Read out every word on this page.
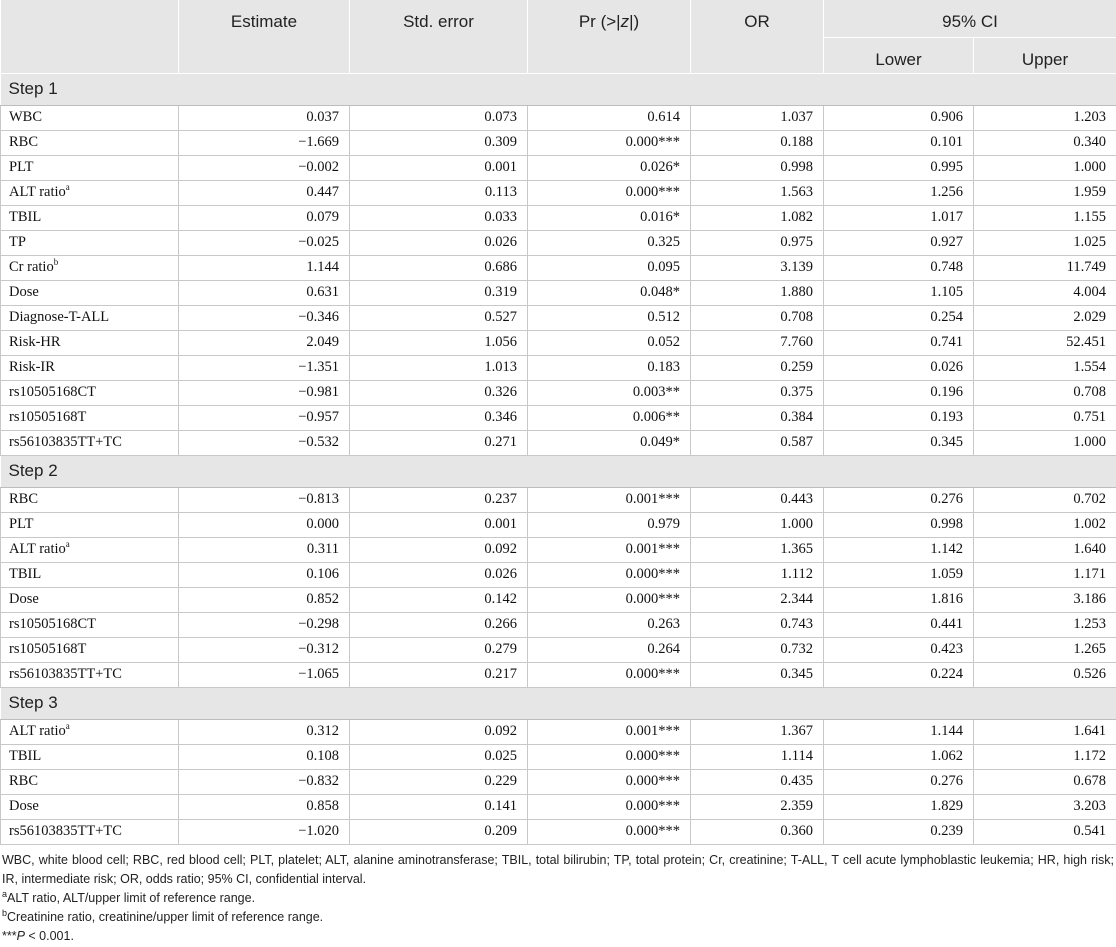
	Estimate	Std. error	Pr (>|z|)	OR	95% CI	
					Lower	Upper
Step 1						
WBC	0.037	0.073	0.614	1.037	0.906	1.203
RBC	−1.669	0.309	0.000***	0.188	0.101	0.340
PLT	−0.002	0.001	0.026*	0.998	0.995	1.000
ALT ratio$^a$	0.447	0.113	0.000***	1.563	1.256	1.959
TBIL	0.079	0.033	0.016*	1.082	1.017	1.155
TP	−0.025	0.026	0.325	0.975	0.927	1.025
Cr ratio$^b$	1.144	0.686	0.095	3.139	0.748	11.749
Dose	0.631	0.319	0.048*	1.880	1.105	4.004
Diagnose-T-ALL	−0.346	0.527	0.512	0.708	0.254	2.029
Risk-HR	2.049	1.056	0.052	7.760	0.741	52.451
Risk-IR	−1.351	1.013	0.183	0.259	0.026	1.554
rs10505168CT	−0.981	0.326	0.003**	0.375	0.196	0.708
rs10505168T	−0.957	0.346	0.006**	0.384	0.193	0.751
rs56103835TT+TC	−0.532	0.271	0.049*	0.587	0.345	1.000
Step 2						
RBC	−0.813	0.237	0.001***	0.443	0.276	0.702
PLT	0.000	0.001	0.979	1.000	0.998	1.002
ALT ratio$^a$	0.311	0.092	0.001***	1.365	1.142	1.640
TBIL	0.106	0.026	0.000***	1.112	1.059	1.171
Dose	0.852	0.142	0.000***	2.344	1.816	3.186
rs10505168CT	−0.298	0.266	0.263	0.743	0.441	1.253
rs10505168T	−0.312	0.279	0.264	0.732	0.423	1.265
rs56103835TT+TC	−1.065	0.217	0.000***	0.345	0.224	0.526
Step 3						
ALT ratio$^a$	0.312	0.092	0.001***	1.367	1.144	1.641
TBIL	0.108	0.025	0.000***	1.114	1.062	1.172
RBC	−0.832	0.229	0.000***	0.435	0.276	0.678
Dose	0.858	0.141	0.000***	2.359	1.829	3.203
rs56103835TT+TC	−1.020	0.209	0.000***	0.360	0.239	0.541

WBC, white blood cell; RBC, red blood cell; PLT, platelet; ALT, alanine aminotransferase; TBIL, total bilirubin; TP, total protein; Cr, creatinine; T-ALL, T cell acute lymphoblastic leukemia; HR, high risk; IR, intermediate risk; OR, odds ratio; 95% CI, confidential interval.

$^a$ALT ratio, ALT/upper limit of reference range.

$^b$Creatinine ratio, creatinine/upper limit of reference range.

***P < 0.001.
